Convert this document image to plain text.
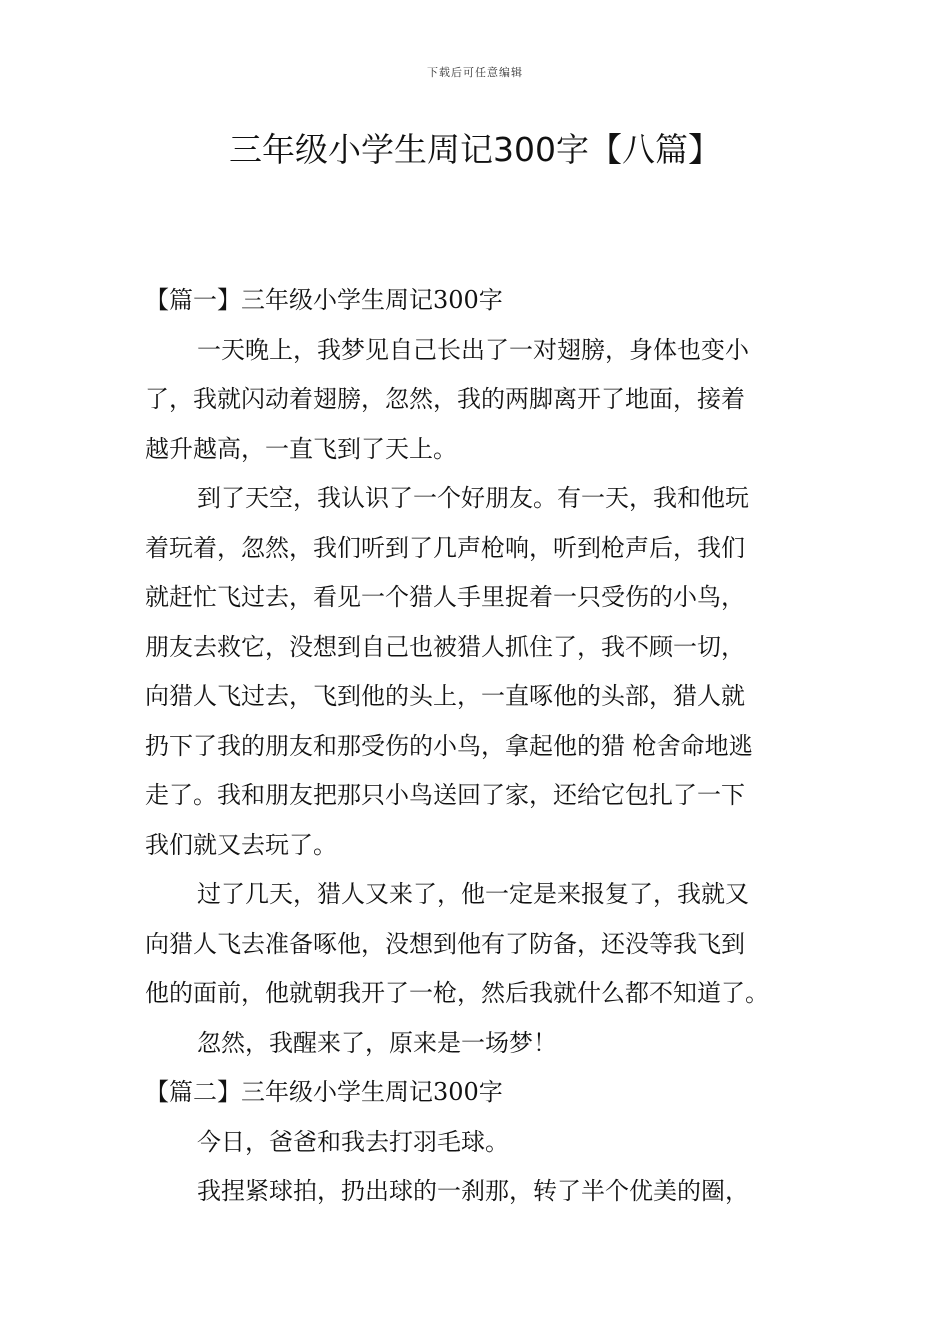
下载后可任意编辑
三年级小学生周记300字【八篇】

【篇一】三年级小学生周记300字

一天晚上，我梦见自己长出了一对翅膀，身体也变小

了，我就闪动着翅膀，忽然，我的两脚离开了地面，接着

越升越高，一直飞到了天上。

到了天空，我认识了一个好朋友。有一天，我和他玩

着玩着，忽然，我们听到了几声枪响，听到枪声后，我们

就赶忙飞过去，看见一个猎人手里捉着一只受伤的小鸟，

朋友去救它，没想到自己也被猎人抓住了，我不顾一切，

向猎人飞过去，飞到他的头上，一直啄他的头部，猎人就

扔下了我的朋友和那受伤的小鸟，拿起他的猎 枪舍命地逃

走了。我和朋友把那只小鸟送回了家，还给它包扎了一下

我们就又去玩了。

过了几天，猎人又来了，他一定是来报复了，我就又

向猎人飞去准备啄他，没想到他有了防备，还没等我飞到

他的面前，他就朝我开了一枪，然后我就什么都不知道了。

忽然，我醒来了，原来是一场梦！

【篇二】三年级小学生周记300字

今日，爸爸和我去打羽毛球。

我捏紧球拍，扔出球的一刹那，转了半个优美的圈，
